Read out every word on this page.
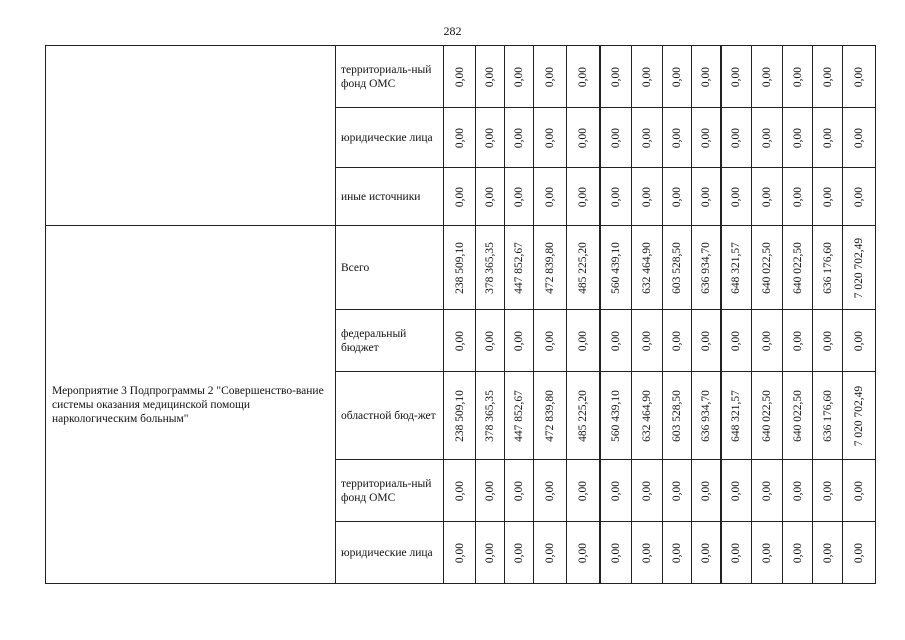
282
	территориаль-ный фонд ОМС	0,00	0,00	0,00	0,00	0,00	0,00	0,00	0,00	0,00	0,00	0,00	0,00	0,00	0,00

	юридические лица	0,00	0,00	0,00	0,00	0,00	0,00	0,00	0,00	0,00	0,00	0,00	0,00	0,00	0,00

	иные источники	0,00	0,00	0,00	0,00	0,00	0,00	0,00	0,00	0,00	0,00	0,00	0,00	0,00	0,00

Мероприятие 3 Подпрограммы 2 "Совершенство-вание системы оказания медицинской помощи наркологическим больным"	Всего	238 509,10	378 365,35	447 852,67	472 839,80	485 225,20	560 439,10	632 464,90	603 528,50	636 934,70	648 321,57	640 022,50	640 022,50	636 176,60	7 020 702,49

	федеральный бюджет	0,00	0,00	0,00	0,00	0,00	0,00	0,00	0,00	0,00	0,00	0,00	0,00	0,00	0,00

	областной бюд-жет	238 509,10	378 365,35	447 852,67	472 839,80	485 225,20	560 439,10	632 464,90	603 528,50	636 934,70	648 321,57	640 022,50	640 022,50	636 176,60	7 020 702,49

	территориаль-ный фонд ОМС	0,00	0,00	0,00	0,00	0,00	0,00	0,00	0,00	0,00	0,00	0,00	0,00	0,00	0,00

	юридические лица	0,00	0,00	0,00	0,00	0,00	0,00	0,00	0,00	0,00	0,00	0,00	0,00	0,00	0,00
